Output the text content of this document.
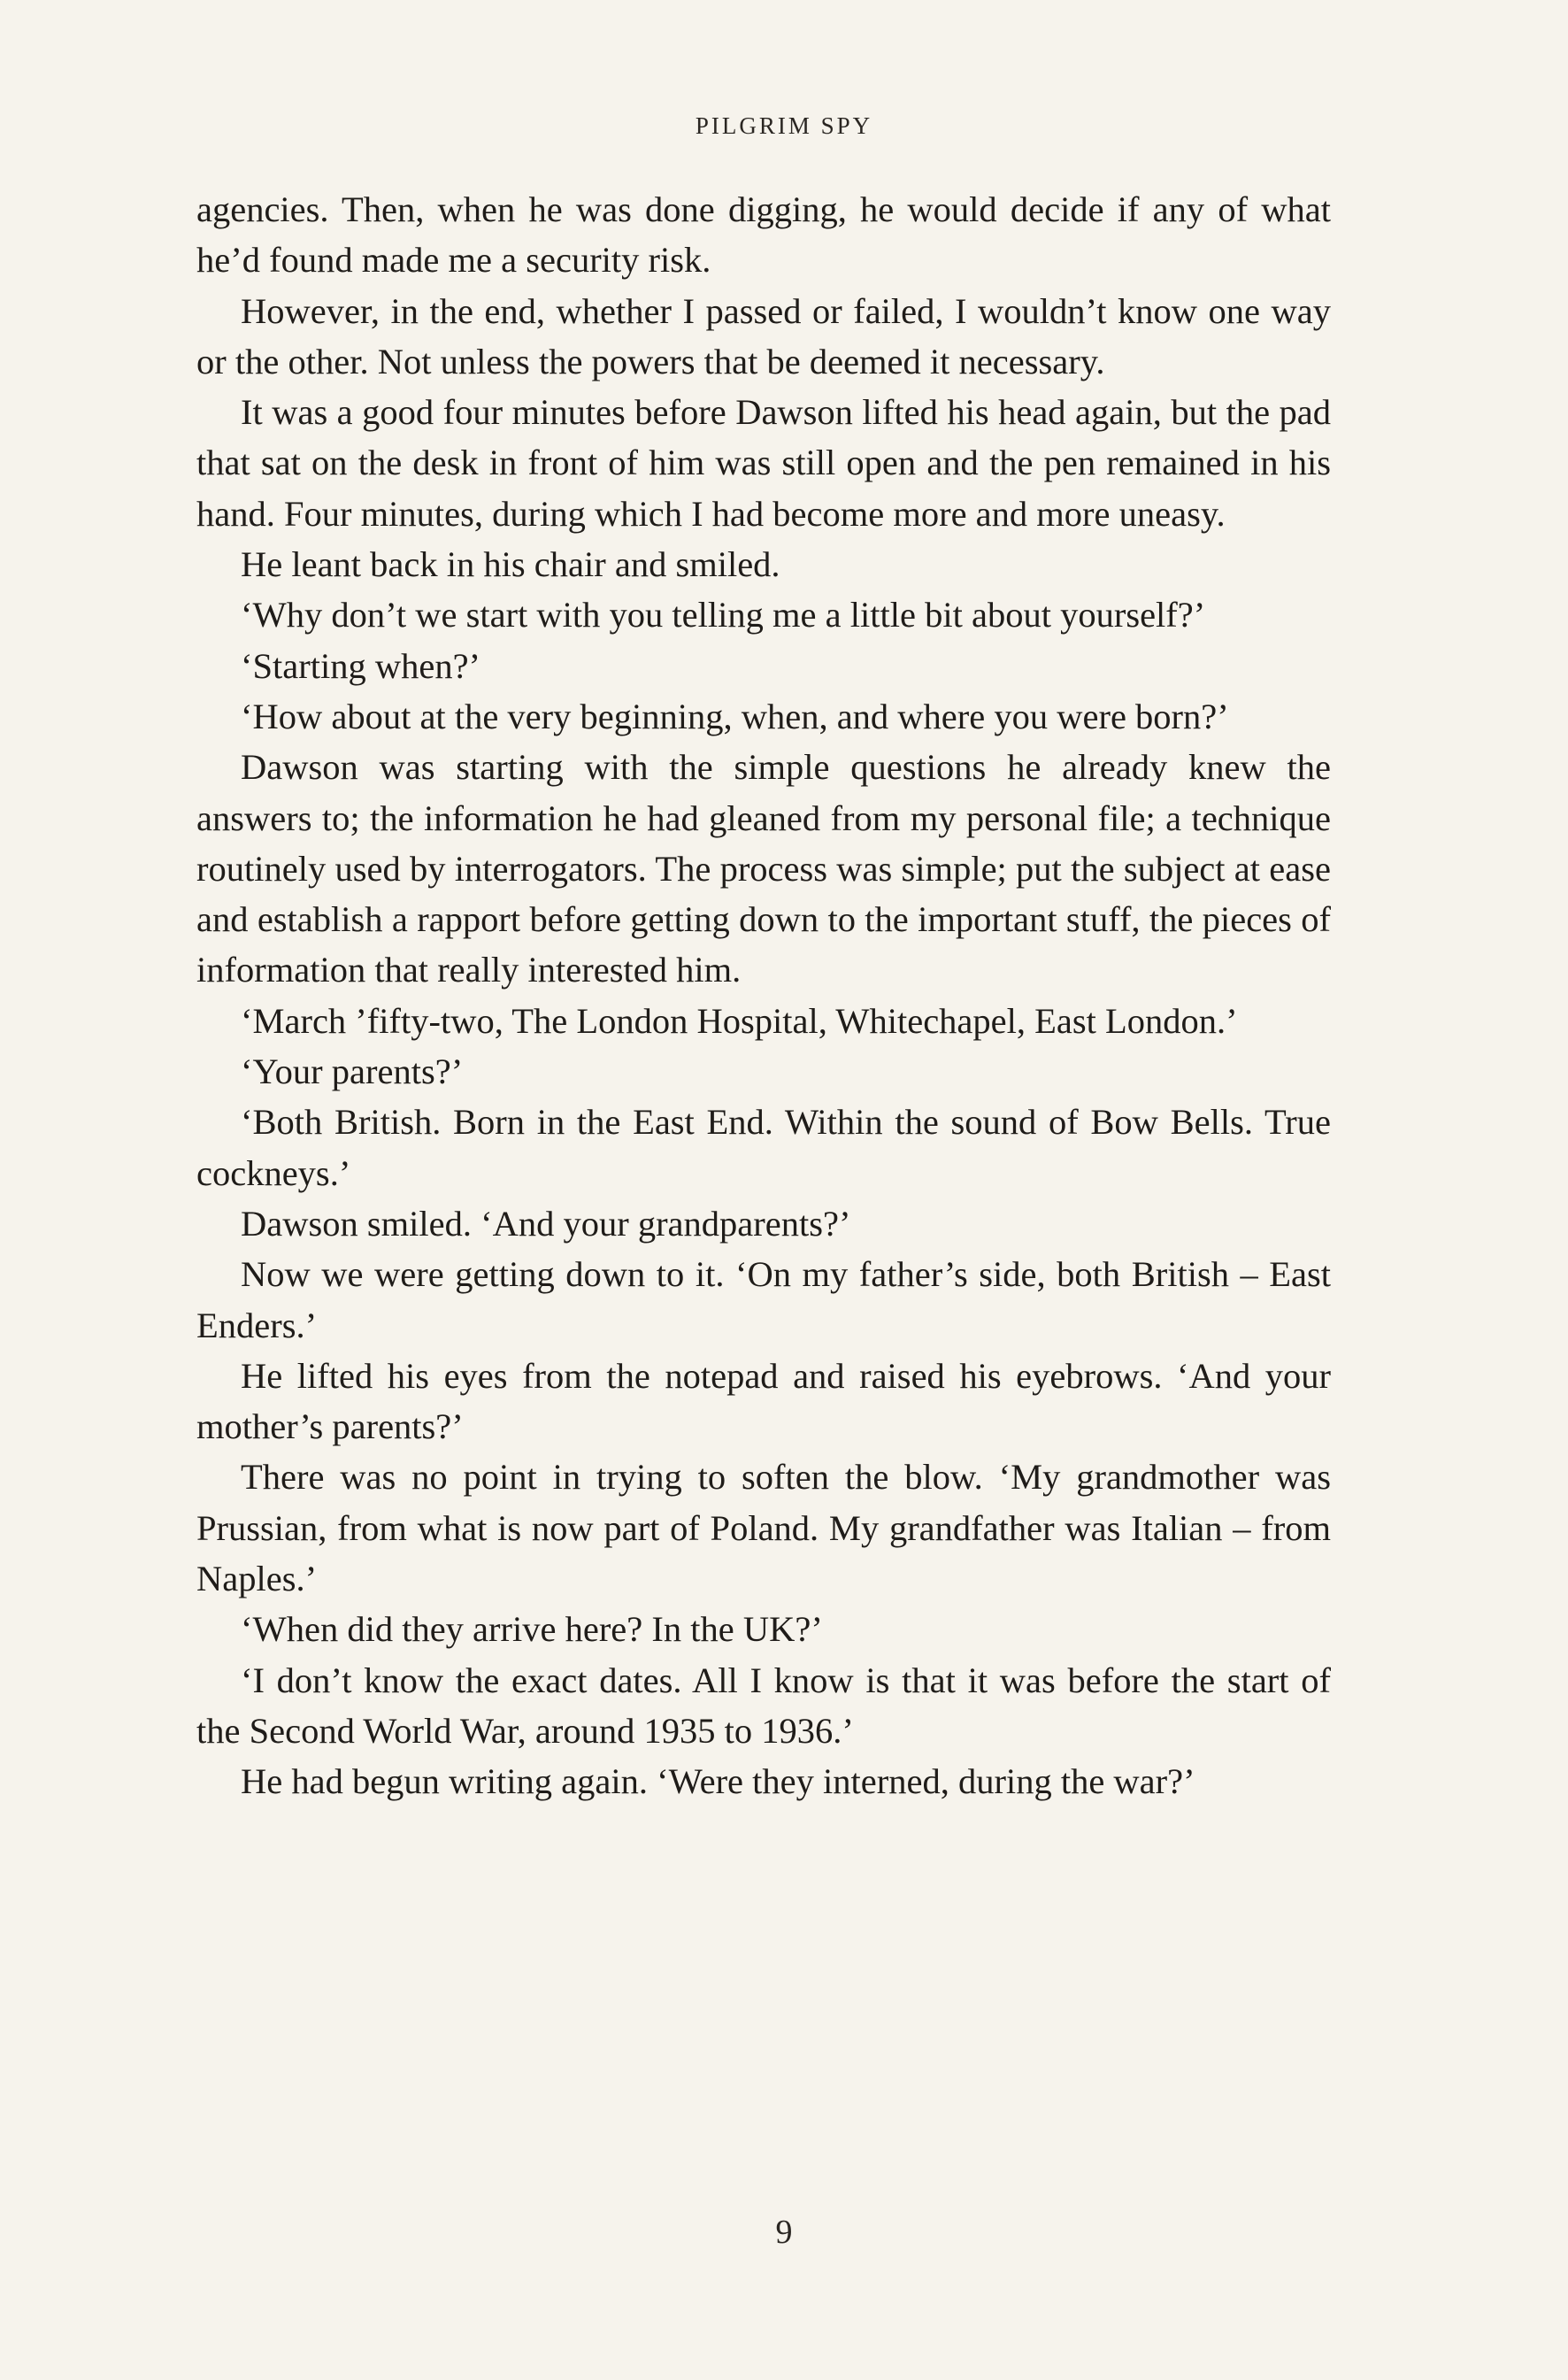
PILGRIM SPY

agencies. Then, when he was done digging, he would decide if any of what he’d found made me a security risk.

However, in the end, whether I passed or failed, I wouldn’t know one way or the other. Not unless the powers that be deemed it necessary.

It was a good four minutes before Dawson lifted his head again, but the pad that sat on the desk in front of him was still open and the pen remained in his hand. Four minutes, during which I had become more and more uneasy.

He leant back in his chair and smiled.

‘Why don’t we start with you telling me a little bit about yourself?’

‘Starting when?’

‘How about at the very beginning, when, and where you were born?’

Dawson was starting with the simple questions he already knew the answers to; the information he had gleaned from my personal file; a technique routinely used by interrogators. The process was simple; put the subject at ease and establish a rapport before getting down to the important stuff, the pieces of information that really interested him.

‘March ’fifty-two, The London Hospital, Whitechapel, East London.’

‘Your parents?’

‘Both British. Born in the East End. Within the sound of Bow Bells. True cockneys.’

Dawson smiled. ‘And your grandparents?’

Now we were getting down to it. ‘On my father’s side, both British – East Enders.’

He lifted his eyes from the notepad and raised his eyebrows. ‘And your mother’s parents?’

There was no point in trying to soften the blow. ‘My grandmother was Prussian, from what is now part of Poland. My grandfather was Italian – from Naples.’

‘When did they arrive here? In the UK?’

‘I don’t know the exact dates. All I know is that it was before the start of the Second World War, around 1935 to 1936.’

He had begun writing again. ‘Were they interned, during the war?’

9
